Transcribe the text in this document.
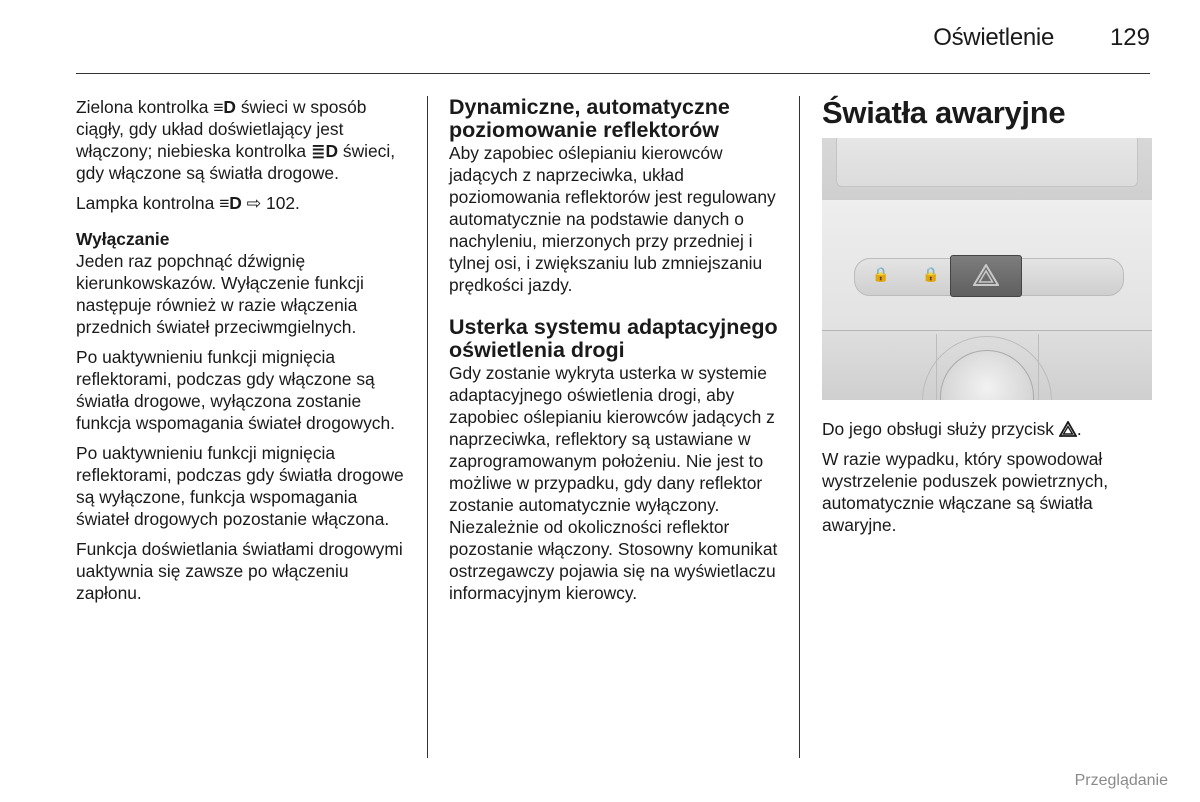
Oświetlenie 129

Zielona kontrolka ≡D świeci w sposób ciągły, gdy układ doświetlający jest włączony; niebieska kontrolka ≣D świeci, gdy włączone są światła drogowe.

Lampka kontrolna ≡D ⇨ 102.

Wyłączanie

Jeden raz popchnąć dźwignię kierunkowskazów. Wyłączenie funkcji następuje również w razie włączenia przednich świateł przeciwmgielnych.

Po uaktywnieniu funkcji mignięcia reflektorami, podczas gdy włączone są światła drogowe, wyłączona zostanie funkcja wspomagania świateł drogowych.

Po uaktywnieniu funkcji mignięcia reflektorami, podczas gdy światła drogowe są wyłączone, funkcja wspomagania świateł drogowych pozostanie włączona.

Funkcja doświetlania światłami drogowymi uaktywnia się zawsze po włączeniu zapłonu.

Dynamiczne, automatyczne poziomowanie reflektorów

Aby zapobiec oślepianiu kierowców jadących z naprzeciwka, układ poziomowania reflektorów jest regulowany automatycznie na podstawie danych o nachyleniu, mierzonych przy przedniej i tylnej osi, i zwiększaniu lub zmniejszaniu prędkości jazdy.

Usterka systemu adaptacyjnego oświetlenia drogi

Gdy zostanie wykryta usterka w systemie adaptacyjnego oświetlenia drogi, aby zapobiec oślepianiu kierowców jadących z naprzeciwka, reflektory są ustawiane w zaprogramowanym położeniu. Nie jest to możliwe w przypadku, gdy dany reflektor zostanie automatycznie wyłączony. Niezależnie od okoliczności reflektor pozostanie włączony. Stosowny komunikat ostrzegawczy pojawia się na wyświetlaczu informacyjnym kierowcy.

Światła awaryjne
🔒 🔒

Do jego obsługi służy przycisk .

W razie wypadku, który spowodował wystrzelenie poduszek powietrznych, automatycznie włączane są światła awaryjne.

Przeglądanie
